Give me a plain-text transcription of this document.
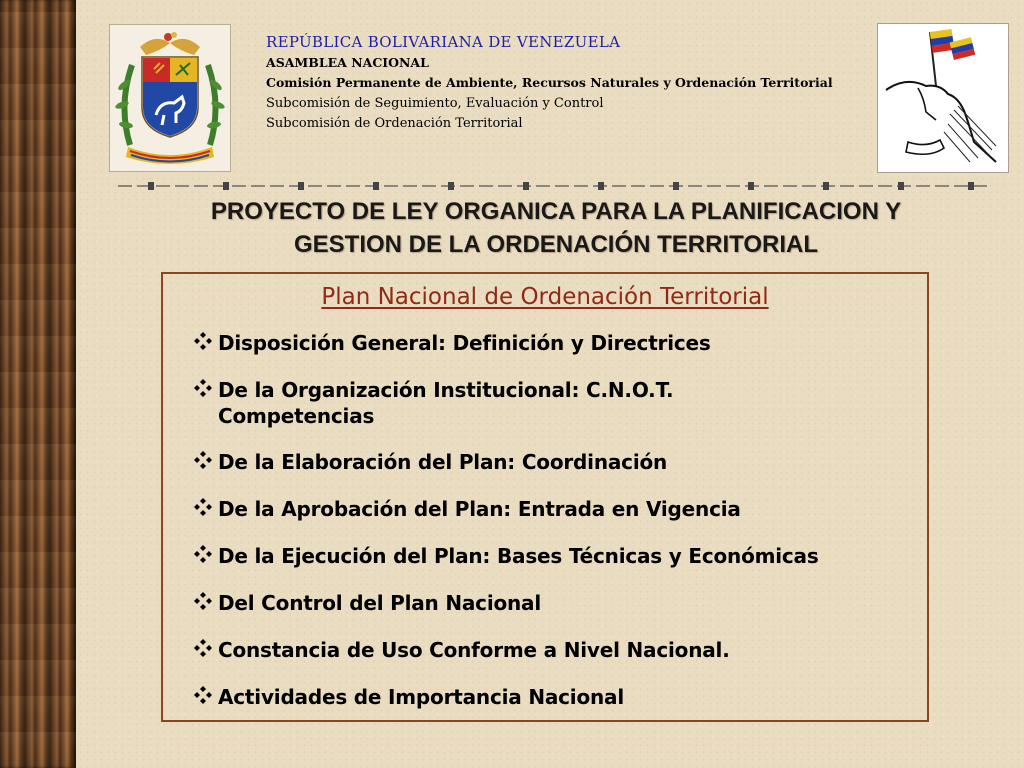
REPÚBLICA BOLIVARIANA DE VENEZUELA
ASAMBLEA NACIONAL
Comisión Permanente de Ambiente, Recursos Naturales y Ordenación Territorial
Subcomisión de Seguimiento, Evaluación y Control
Subcomisión de Ordenación Territorial
PROYECTO DE LEY ORGANICA PARA LA PLANIFICACION Y
GESTION DE LA ORDENACIÓN TERRITORIAL
Plan Nacional de Ordenación Territorial
Disposición General: Definición y Directrices
De la Organización Institucional: C.N.O.T. Competencias
De la Elaboración del Plan: Coordinación
De la Aprobación del Plan: Entrada en Vigencia
De la Ejecución del Plan: Bases Técnicas y Económicas
Del Control del Plan Nacional
Constancia de Uso Conforme a Nivel Nacional.
Actividades de Importancia Nacional
